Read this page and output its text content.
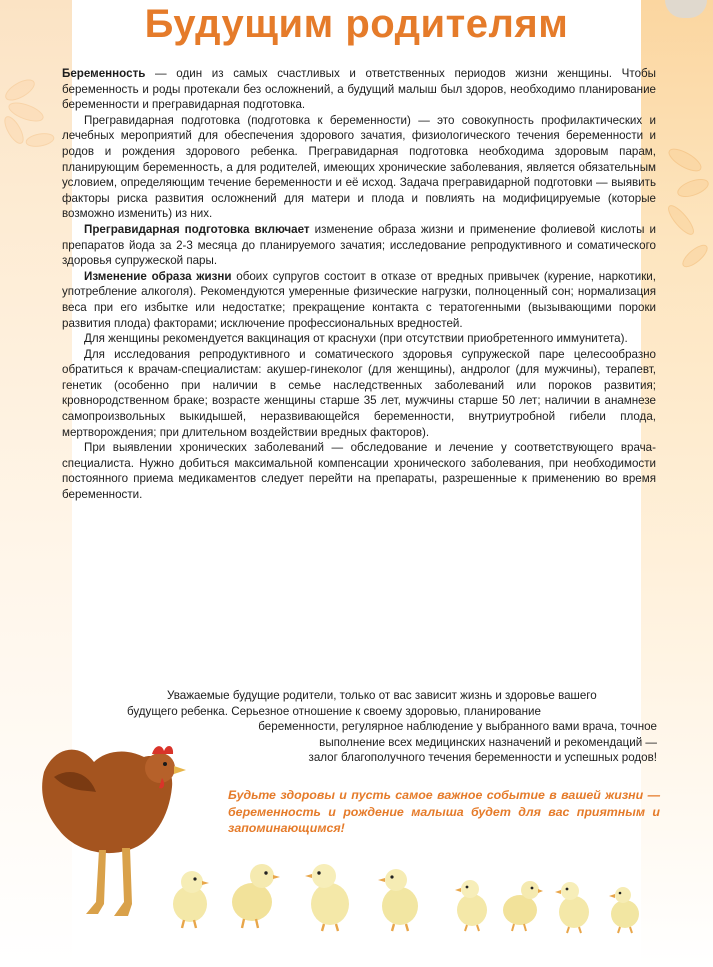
Будущим родителям

Беременность — один из самых счастливых и ответственных периодов жизни женщины. Чтобы беременность и роды протекали без осложнений, а будущий малыш был здоров, необходимо планирование беременности и прегравидарная подготовка.

Прегравидарная подготовка (подготовка к беременности) — это совокупность профилактических и лечебных мероприятий для обеспечения здорового зачатия, физиологического течения беременности и родов и рождения здорового ребенка. Прегравидарная подготовка необходима здоровым парам, планирующим беременность, а для родителей, имеющих хронические заболевания, является обязательным условием, определяющим течение беременности и её исход. Задача прегравидарной подготовки — выявить факторы риска развития осложнений для матери и плода и повлиять на модифицируемые (которые возможно изменить) из них.

Прегравидарная подготовка включает изменение образа жизни и применение фолиевой кислоты и препаратов йода за 2-3 месяца до планируемого зачатия; исследование репродуктивного и соматического здоровья супружеской пары.

Изменение образа жизни обоих супругов состоит в отказе от вредных привычек (курение, наркотики, употребление алкоголя). Рекомендуются умеренные физические нагрузки, полноценный сон; нормализация веса при его избытке или недостатке; прекращение контакта с тератогенными (вызывающими пороки развития плода) факторами; исключение профессиональных вредностей.

Для женщины рекомендуется вакцинация от краснухи (при отсутствии приобретенного иммунитета).

Для исследования репродуктивного и соматического здоровья супружеской паре целесообразно обратиться к врачам-специалистам: акушер-гинеколог (для женщины), андролог (для мужчины), терапевт, генетик (особенно при наличии в семье наследственных заболеваний или пороков развития; кровнородственном браке; возрасте женщины старше 35 лет, мужчины старше 50 лет; наличии в анамнезе самопроизвольных выкидышей, неразвивающейся беременности, внутриутробной гибели плода, мертворождения; при длительном воздействии вредных факторов).

При выявлении хронических заболеваний — обследование и лечение у соответствующего врача-специалиста. Нужно добиться максимальной компенсации хронического заболевания, при необходимости постоянного приема медикаментов следует перейти на препараты, разрешенные к применению во время беременности.

Уважаемые будущие родители, только от вас зависит жизнь и здоровье вашего

будущего ребенка. Серьезное отношение к своему здоровью, планирование

беременности, регулярное наблюдение у выбранного вами врача, точное

выполнение всех медицинских назначений и рекомендаций —

залог благополучного течения беременности и успешных родов!

Будьте здоровы и пусть самое важное событие в вашей жизни — беременность и рождение малыша будет для вас приятным и запоминающимся!
